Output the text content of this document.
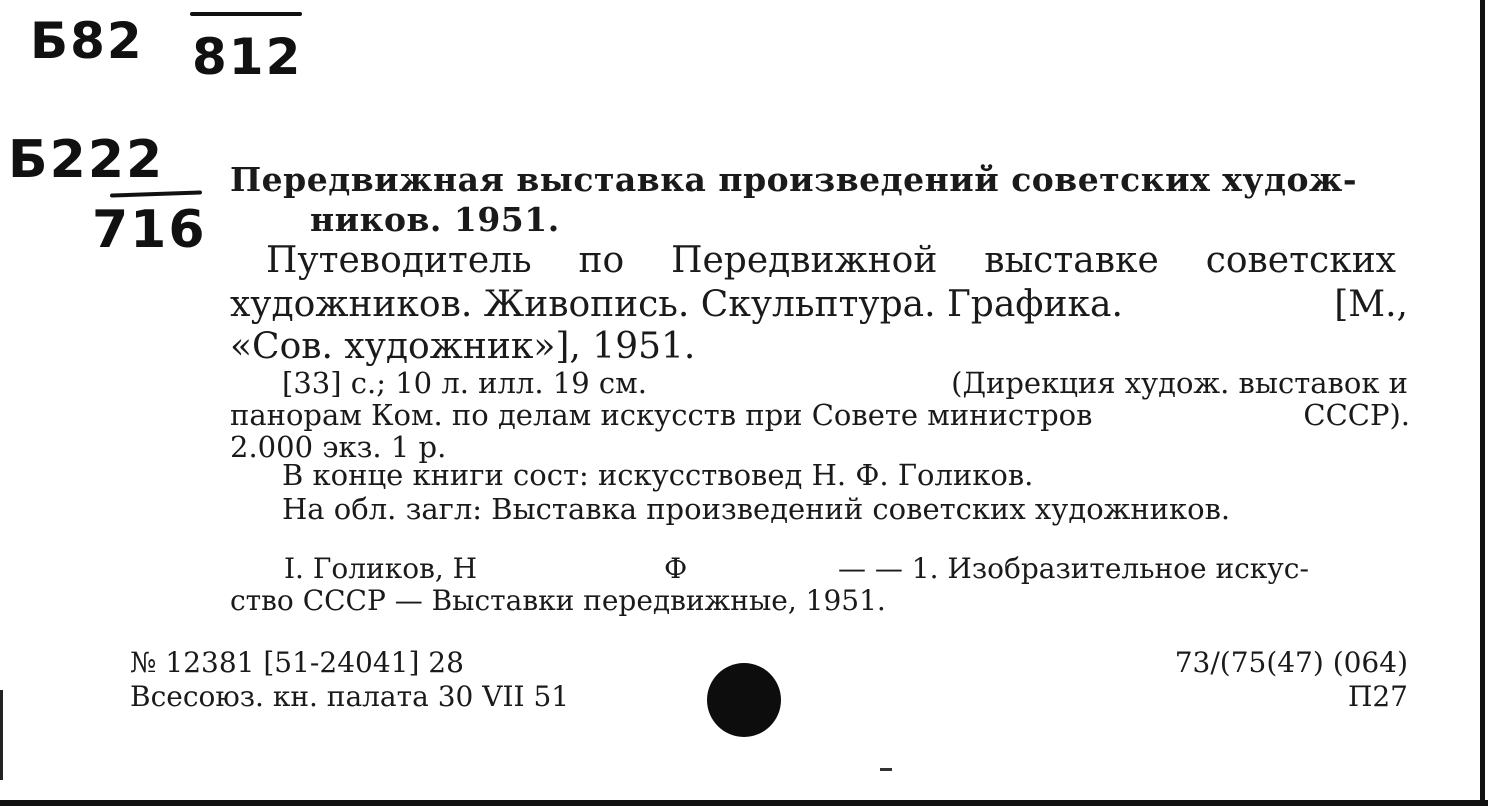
Б82 812
Б222
716
Передвижная выставка произведений советских худож-
ников. 1951.
Путеводитель по Передвижной выставке советских
художников. Живопись. Скульптура. Графика.	[М.,
«Сов. художник»], 1951.
[33] с.; 10 л. илл. 19 см.	(Дирекция худож. выставок и
панорам Ком. по делам искусств при Совете министров	СССР).
2.000 экз. 1 р.
В конце книги сост: искусствовед Н. Ф. Голиков.
На обл. загл: Выставка произведений советских художников.
I. Голиков, Н	Ф	— — 1. Изобразительное искус-
ство СССР — Выставки передвижные, 1951.
№ 12381 [51-24041] 28
Всесоюз. кн. палата 30 VII 51
73/(75(47) (064)
П27
